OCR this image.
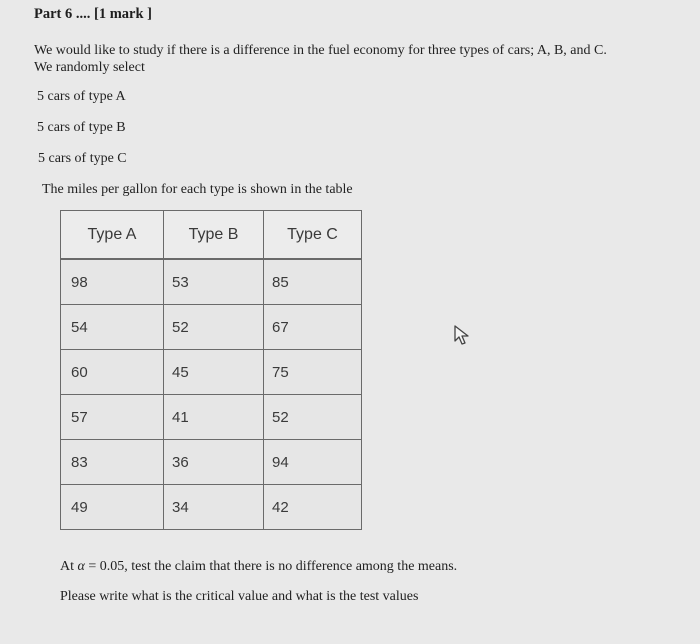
Part 6 .... [1 mark ]
We would like to study if there is a difference in the fuel economy for three types of cars; A, B, and C.
We randomly select
5 cars of type A
5 cars of type B
5 cars of type C
The miles per gallon for each type is shown in the table
Type A	Type B	Type C
98	53	85
54	52	67
60	45	75
57	41	52
83	36	94
49	34	42
At α = 0.05, test the claim that there is no difference among the means.
Please write what is the critical value and what is the test values
